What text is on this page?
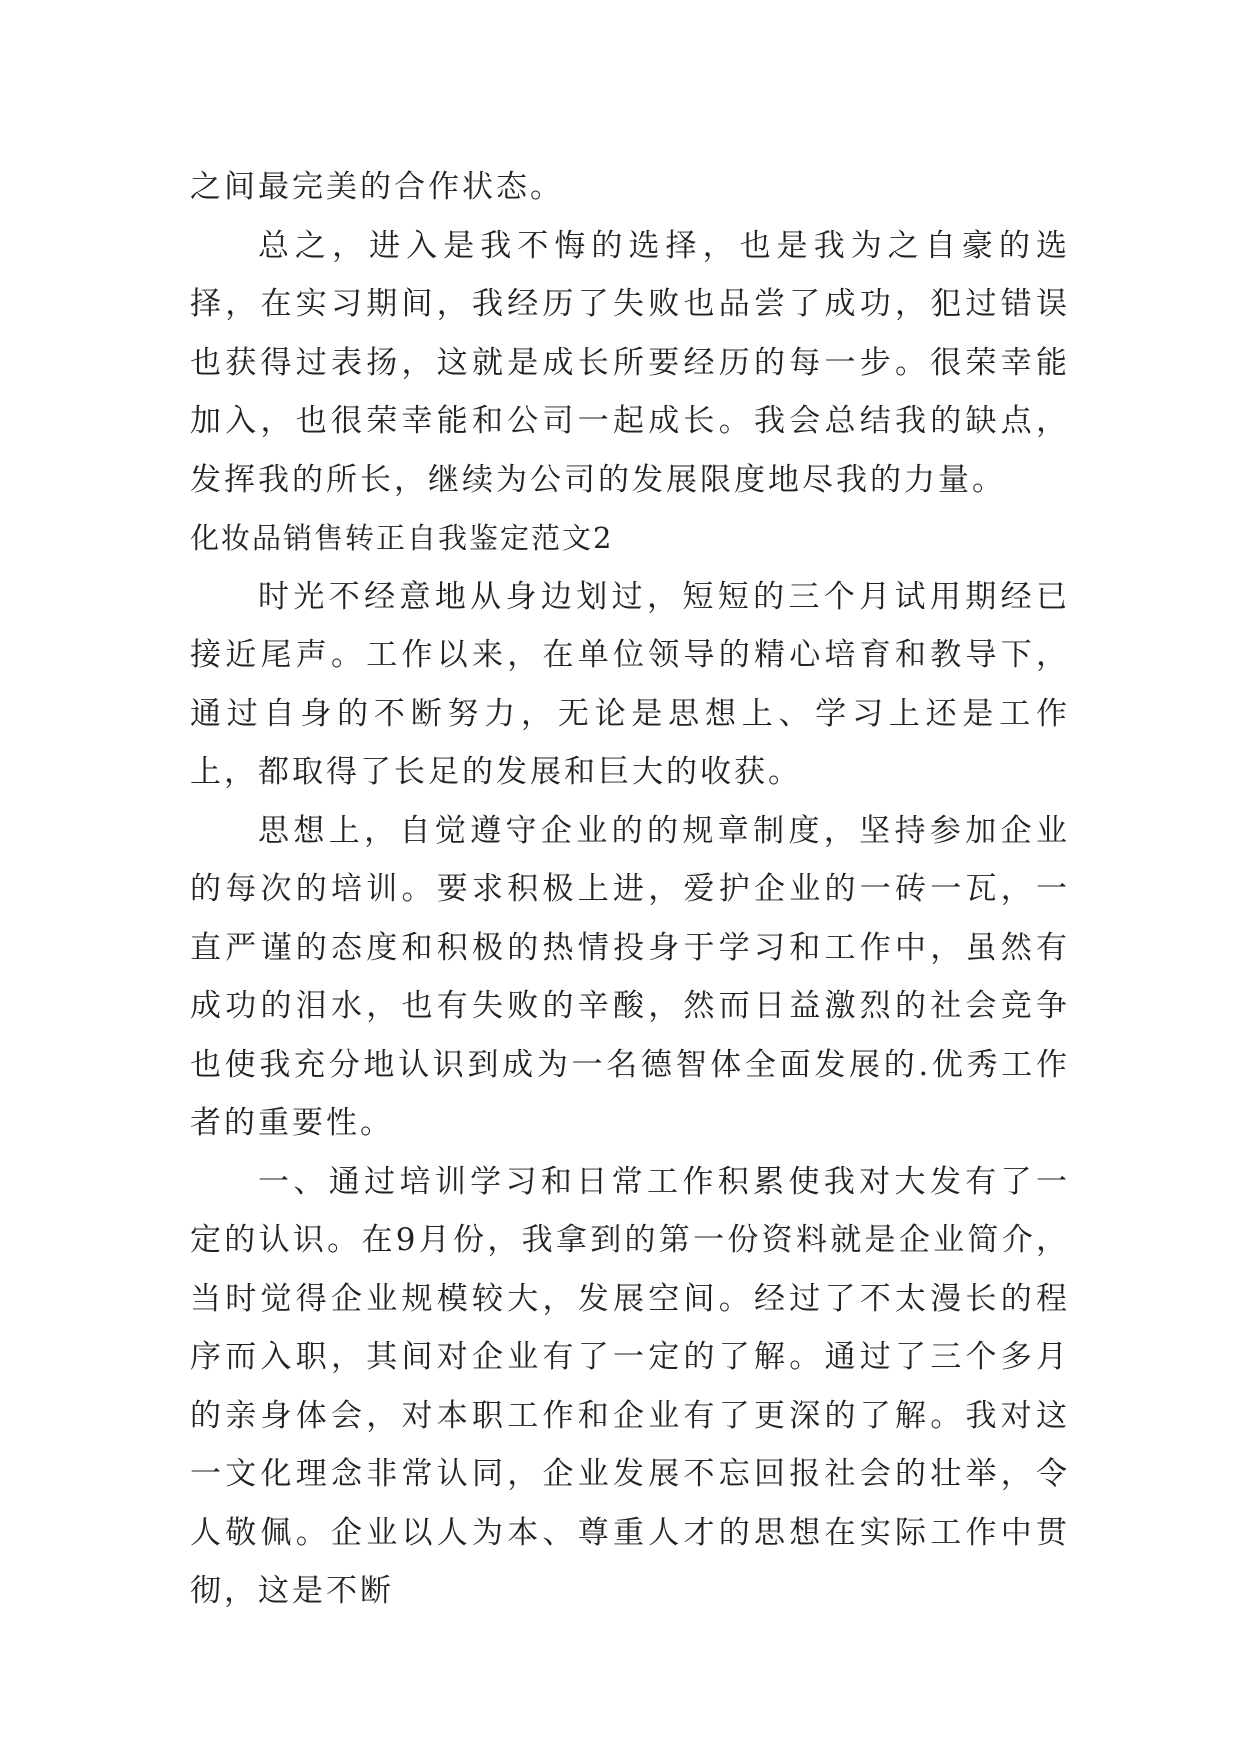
之间最完美的合作状态。

总之，进入是我不悔的选择，也是我为之自豪的选择，在实习期间，我经历了失败也品尝了成功，犯过错误也获得过表扬，这就是成长所要经历的每一步。很荣幸能加入，也很荣幸能和公司一起成长。我会总结我的缺点，发挥我的所长，继续为公司的发展限度地尽我的力量。

化妆品销售转正自我鉴定范文2

时光不经意地从身边划过，短短的三个月试用期经已接近尾声。工作以来，在单位领导的精心培育和教导下，通过自身的不断努力，无论是思想上、学习上还是工作上，都取得了长足的发展和巨大的收获。

思想上，自觉遵守企业的的规章制度，坚持参加企业的每次的培训。要求积极上进，爱护企业的一砖一瓦，一直严谨的态度和积极的热情投身于学习和工作中，虽然有成功的泪水，也有失败的辛酸，然而日益激烈的社会竞争也使我充分地认识到成为一名德智体全面发展的.优秀工作者的重要性。

一、通过培训学习和日常工作积累使我对大发有了一定的认识。在9月份，我拿到的第一份资料就是企业简介，当时觉得企业规模较大，发展空间。经过了不太漫长的程序而入职，其间对企业有了一定的了解。通过了三个多月的亲身体会，对本职工作和企业有了更深的了解。我对这一文化理念非常认同，企业发展不忘回报社会的壮举，令人敬佩。企业以人为本、尊重人才的思想在实际工作中贯彻，这是不断
